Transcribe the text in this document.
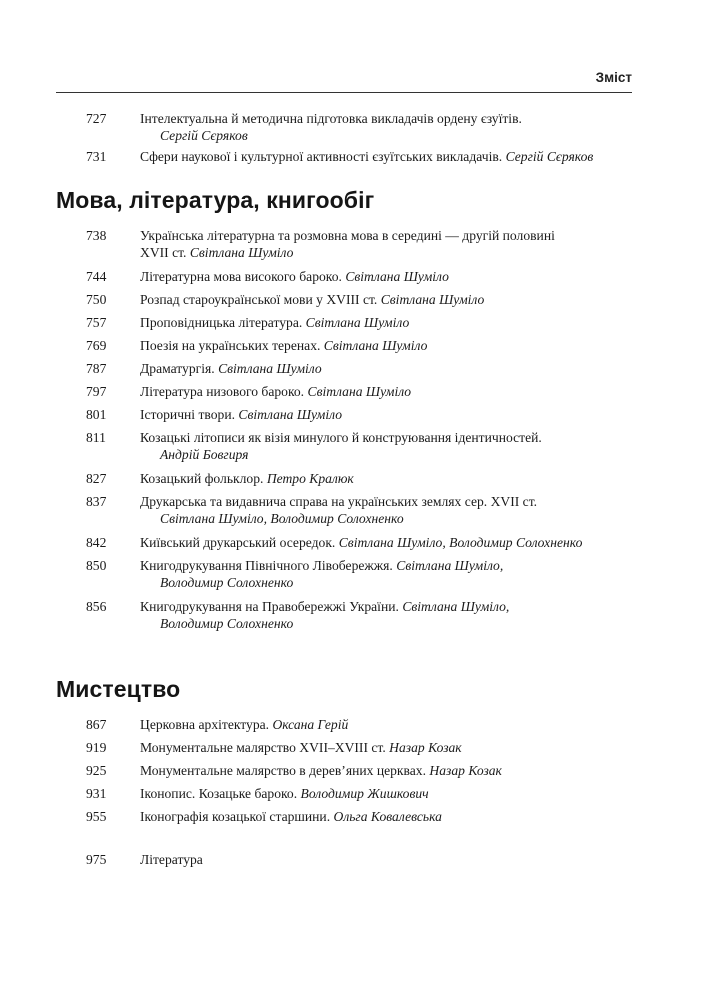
Зміст
727	Інтелектуальна й методична підготовка викладачів ордену єзуїтів.
Сергій Сєряков
731	Сфери наукової і культурної активності єзуїтських викладачів. Сергій Сєряков
Мова, література, книгообіг
738	Українська літературна та розмовна мова в середині — другій половині
XVII ст. Світлана Шуміло
744	Літературна мова високого бароко. Світлана Шуміло
750	Розпад староукраїнської мови у XVIII ст. Світлана Шуміло
757	Проповідницька література. Світлана Шуміло
769	Поезія на українських теренах. Світлана Шуміло
787	Драматургія. Світлана Шуміло
797	Література низового бароко. Світлана Шуміло
801	Історичні твори. Світлана Шуміло
811	Козацькі літописи як візія минулого й конструювання ідентичностей.
Андрій Бовгиря
827	Козацький фольклор. Петро Кралюк
837	Друкарська та видавнича справа на українських землях сер. XVII ст.
Світлана Шуміло, Володимир Солохненко
842	Київський друкарський осередок. Світлана Шуміло, Володимир Солохненко
850	Книгодрукування Північного Лівобережжя. Світлана Шуміло,
Володимир Солохненко
856	Книгодрукування на Правобережжі України. Світлана Шуміло,
Володимир Солохненко
Мистецтво
867	Церковна архітектура. Оксана Герій
919	Монументальне малярство XVII–XVIII ст. Назар Козак
925	Монументальне малярство в дерев’яних церквах. Назар Козак
931	Іконопис. Козацьке бароко. Володимир Жишкович
955	Іконографія козацької старшини. Ольга Ковалевська
975	Література
